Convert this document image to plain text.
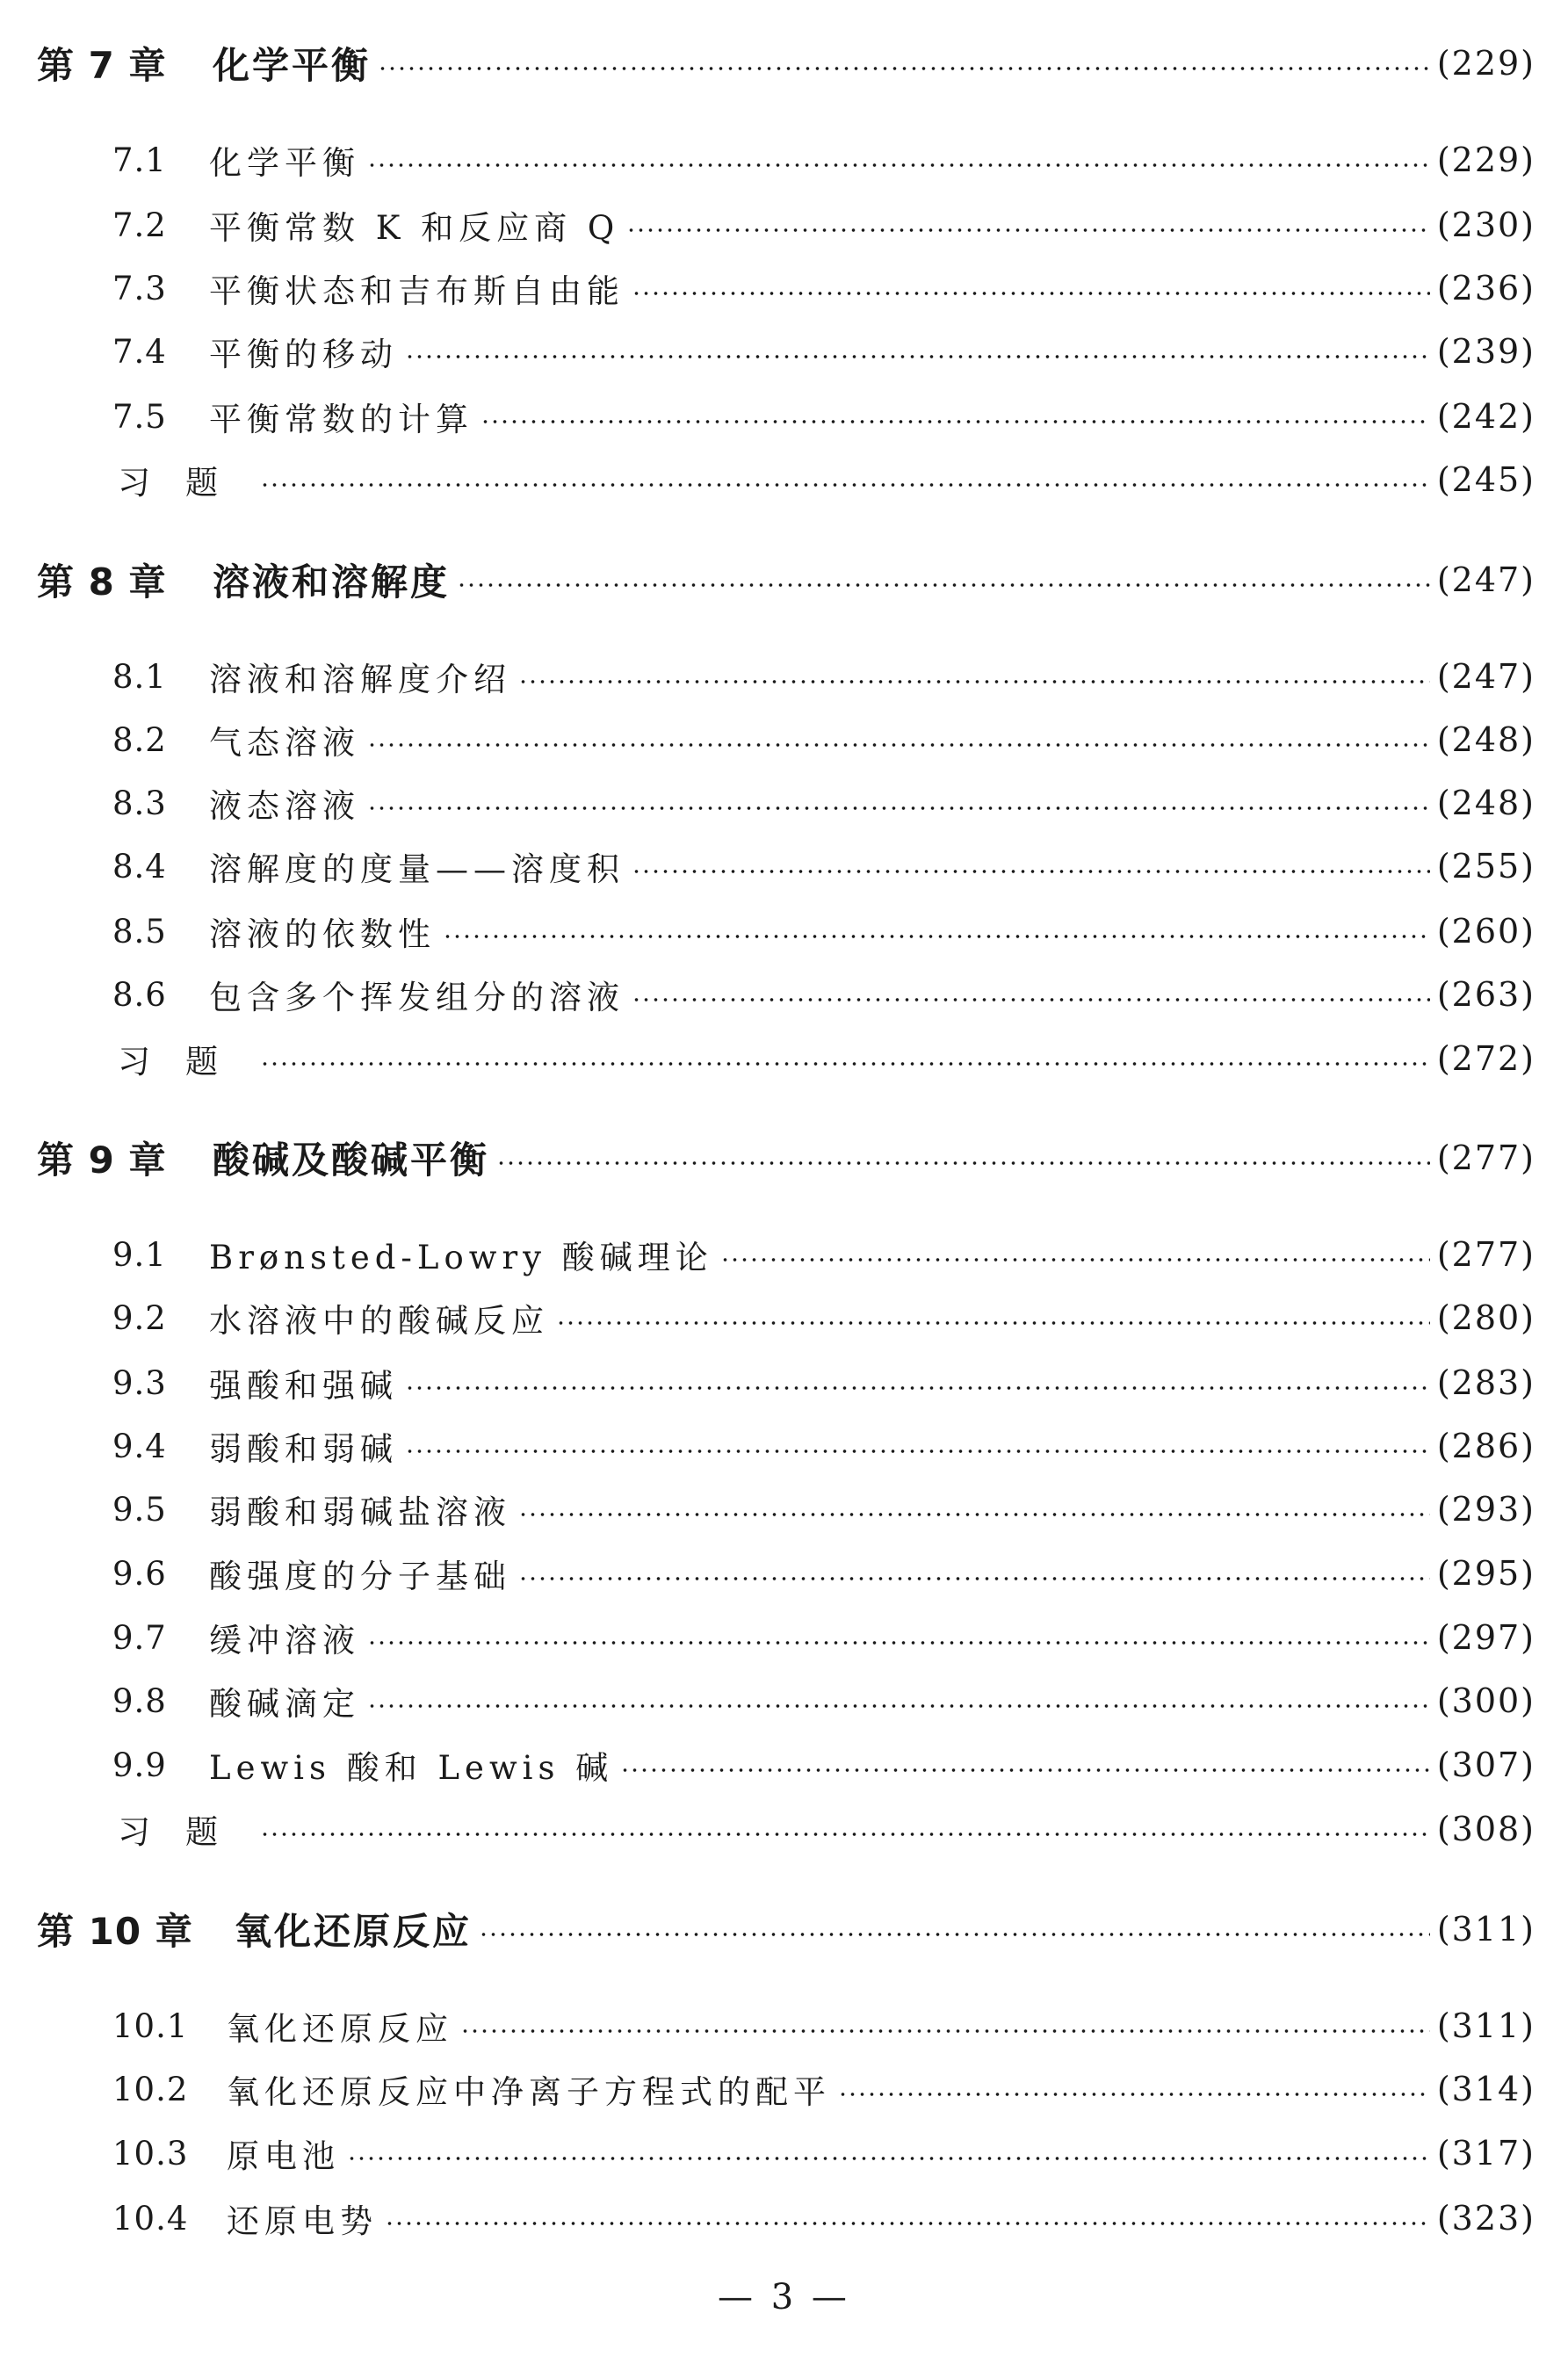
第 7 章	化学平衡	(229)
7.1	化学平衡	(229)
7.2	平衡常数 K 和反应商 Q	(230)
7.3	平衡状态和吉布斯自由能	(236)
7.4	平衡的移动	(239)
7.5	平衡常数的计算	(242)
习题	(245)
第 8 章	溶液和溶解度	(247)
8.1	溶液和溶解度介绍	(247)
8.2	气态溶液	(248)
8.3	液态溶液	(248)
8.4	溶解度的度量——溶度积	(255)
8.5	溶液的依数性	(260)
8.6	包含多个挥发组分的溶液	(263)
习题	(272)
第 9 章	酸碱及酸碱平衡	(277)
9.1	Brønsted-Lowry 酸碱理论	(277)
9.2	水溶液中的酸碱反应	(280)
9.3	强酸和强碱	(283)
9.4	弱酸和弱碱	(286)
9.5	弱酸和弱碱盐溶液	(293)
9.6	酸强度的分子基础	(295)
9.7	缓冲溶液	(297)
9.8	酸碱滴定	(300)
9.9	Lewis 酸和 Lewis 碱	(307)
习题	(308)
第 10 章	氧化还原反应	(311)
10.1	氧化还原反应	(311)
10.2	氧化还原反应中净离子方程式的配平	(314)
10.3	原电池	(317)
10.4	还原电势	(323)
— 3 —
